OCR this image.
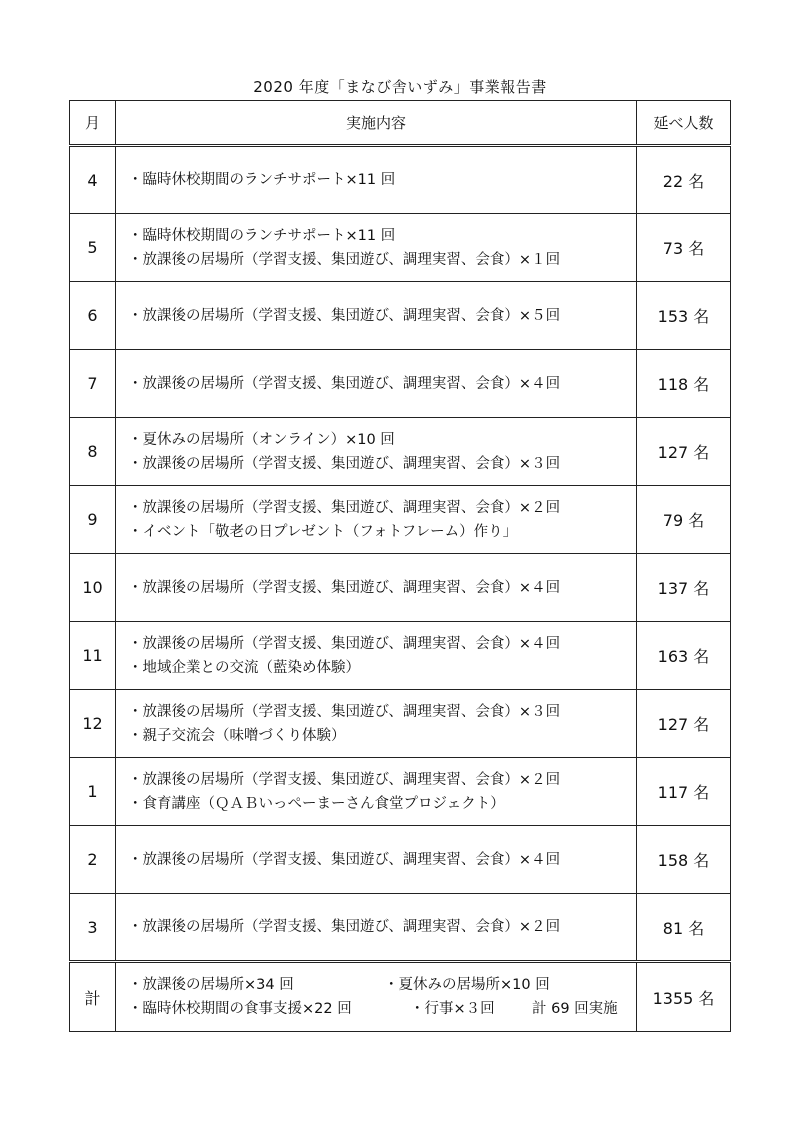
2020 年度「まなび舎いずみ」事業報告書
月	実施内容	延べ人数
4	・臨時休校期間のランチサポート×11 回	22 名
5	・臨時休校期間のランチサポート×11 回
・放課後の居場所（学習支援、集団遊び、調理実習、会食）×１回	73 名
6	・放課後の居場所（学習支援、集団遊び、調理実習、会食）×５回	153 名
7	・放課後の居場所（学習支援、集団遊び、調理実習、会食）×４回	118 名
8	・夏休みの居場所（オンライン）×10 回
・放課後の居場所（学習支援、集団遊び、調理実習、会食）×３回	127 名
9	・放課後の居場所（学習支援、集団遊び、調理実習、会食）×２回
・イベント「敬老の日プレゼント（フォトフレーム）作り」	79 名
10	・放課後の居場所（学習支援、集団遊び、調理実習、会食）×４回	137 名
11	・放課後の居場所（学習支援、集団遊び、調理実習、会食）×４回
・地域企業との交流（藍染め体験）	163 名
12	・放課後の居場所（学習支援、集団遊び、調理実習、会食）×３回
・親子交流会（味噌づくり体験）	127 名
1	・放課後の居場所（学習支援、集団遊び、調理実習、会食）×２回
・食育講座（ＱＡＢいっぺーまーさん食堂プロジェクト）	117 名
2	・放課後の居場所（学習支援、集団遊び、調理実習、会食）×４回	158 名
3	・放課後の居場所（学習支援、集団遊び、調理実習、会食）×２回	81 名
計	・放課後の居場所×34 回 ・夏休みの居場所×10 回
・臨時休校期間の食事支援×22 回 ・行事×３回 計 69 回実施	1355 名
